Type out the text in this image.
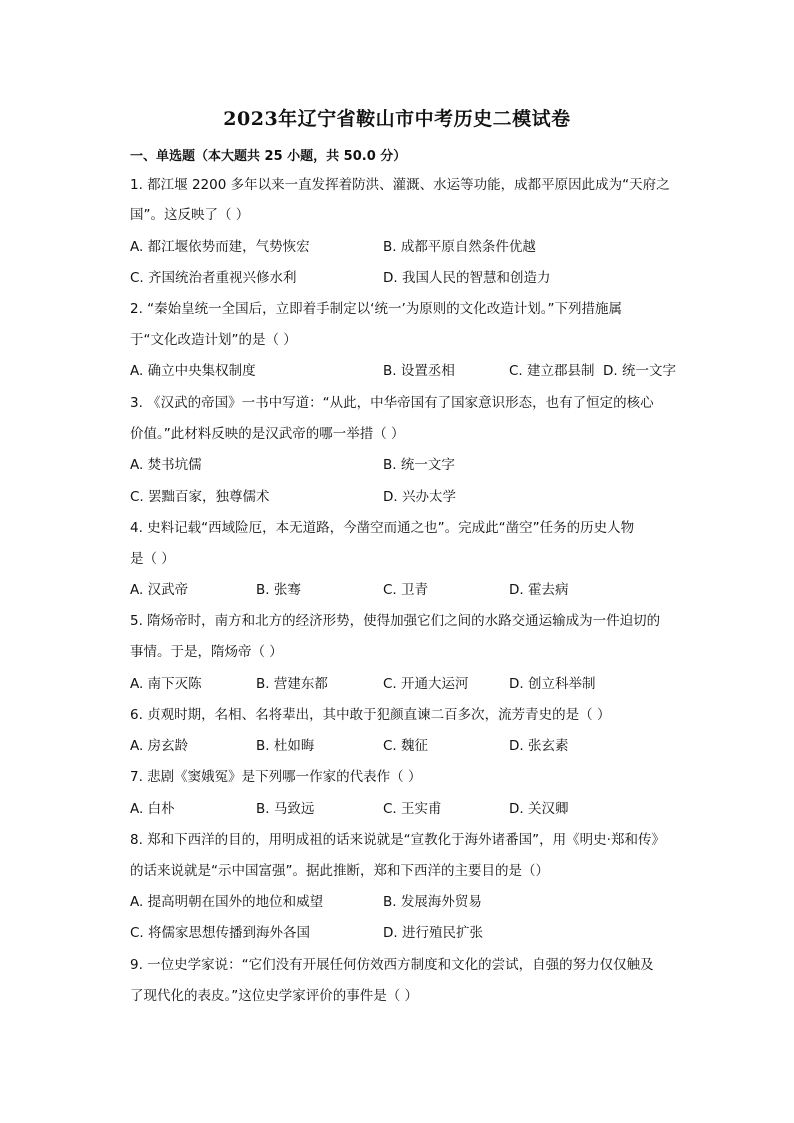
2023年辽宁省鞍山市中考历史二模试卷
一、单选题（本大题共 25 小题，共 50.0 分）
1. 都江堰 2200 多年以来一直发挥着防洪、灌溉、水运等功能，成都平原因此成为“天府之
国”。这反映了（ ）
A. 都江堰依势而建，气势恢宏	B. 成都平原自然条件优越
C. 齐国统治者重视兴修水利	D. 我国人民的智慧和创造力
2. “秦始皇统一全国后，立即着手制定以‘统一’为原则的文化改造计划。”下列措施属
于“文化改造计划”的是（ ）
A. 确立中央集权制度	B. 设置丞相	C. 建立郡县制 D. 统一文字
3. 《汉武的帝国》一书中写道：“从此，中华帝国有了国家意识形态，也有了恒定的核心
价值。”此材料反映的是汉武帝的哪一举措（ ）
A. 焚书坑儒	B. 统一文字
C. 罢黜百家，独尊儒术	D. 兴办太学
4. 史料记载“西域险厄，本无道路，今凿空而通之也”。完成此“凿空”任务的历史人物
是（ ）
A. 汉武帝	B. 张骞	C. 卫青	D. 霍去病
5. 隋炀帝时，南方和北方的经济形势，使得加强它们之间的水路交通运输成为一件迫切的
事情。于是，隋炀帝（ ）
A. 南下灭陈	B. 营建东都	C. 开通大运河	D. 创立科举制
6. 贞观时期，名相、名将辈出，其中敢于犯颜直谏二百多次，流芳青史的是（ ）
A. 房玄龄	B. 杜如晦	C. 魏征	D. 张玄素
7. 悲剧《窦娥冤》是下列哪一作家的代表作（ ）
A. 白朴	B. 马致远	C. 王实甫	D. 关汉卿
8. 郑和下西洋的目的，用明成祖的话来说就是“宣教化于海外诸番国”，用《明史·郑和传》
的话来说就是“示中国富强”。据此推断，郑和下西洋的主要目的是（）
A. 提高明朝在国外的地位和威望	B. 发展海外贸易
C. 将儒家思想传播到海外各国	D. 进行殖民扩张
9. 一位史学家说：“它们没有开展任何仿效西方制度和文化的尝试，自强的努力仅仅触及
了现代化的表皮。”这位史学家评价的事件是（ ）
